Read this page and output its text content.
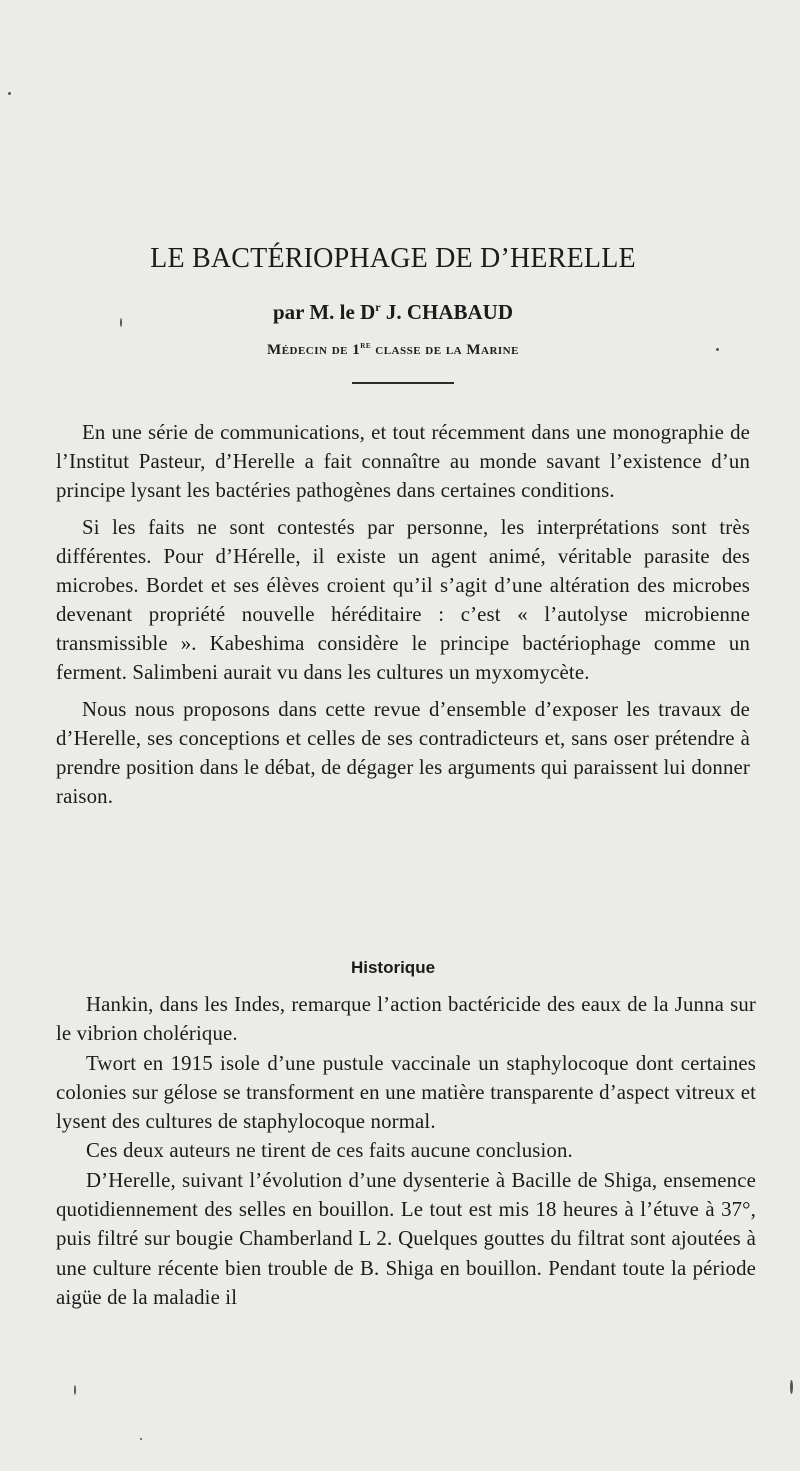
LE BACTÉRIOPHAGE DE D’HERELLE
par M. le $D^r$ J. CHABAUD
Médecin de 1re classe de la Marine

En une série de communications, et tout récemment dans une monographie de l’Institut Pasteur, d’Herelle a fait connaître au monde savant l’existence d’un principe lysant les bactéries pathogènes dans certaines conditions.

Si les faits ne sont contestés par personne, les interprétations sont très différentes. Pour d’Hérelle, il existe un agent animé, véritable parasite des microbes. Bordet et ses élèves croient qu’il s’agit d’une altération des microbes devenant propriété nouvelle héréditaire : c’est « l’autolyse microbienne transmissible ». Kabeshima considère le principe bactériophage comme un ferment. Salimbeni aurait vu dans les cultures un myxomycète.

Nous nous proposons dans cette revue d’ensemble d’exposer les travaux de d’Herelle, ses conceptions et celles de ses contradicteurs et, sans oser prétendre à prendre position dans le débat, de dégager les arguments qui paraissent lui donner raison.

Historique

Hankin, dans les Indes, remarque l’action bactéricide des eaux de la Junna sur le vibrion cholérique.

Twort en 1915 isole d’une pustule vaccinale un staphylocoque dont certaines colonies sur gélose se transforment en une matière transparente d’aspect vitreux et lysent des cultures de staphylocoque normal.

Ces deux auteurs ne tirent de ces faits aucune conclusion.

D’Herelle, suivant l’évolution d’une dysenterie à Bacille de Shiga, ensemence quotidiennement des selles en bouillon. Le tout est mis 18 heures à l’étuve à 37°, puis filtré sur bougie Chamberland L 2. Quelques gouttes du filtrat sont ajoutées à une culture récente bien trouble de B. Shiga en bouillon. Pendant toute la période aigüe de la maladie il
